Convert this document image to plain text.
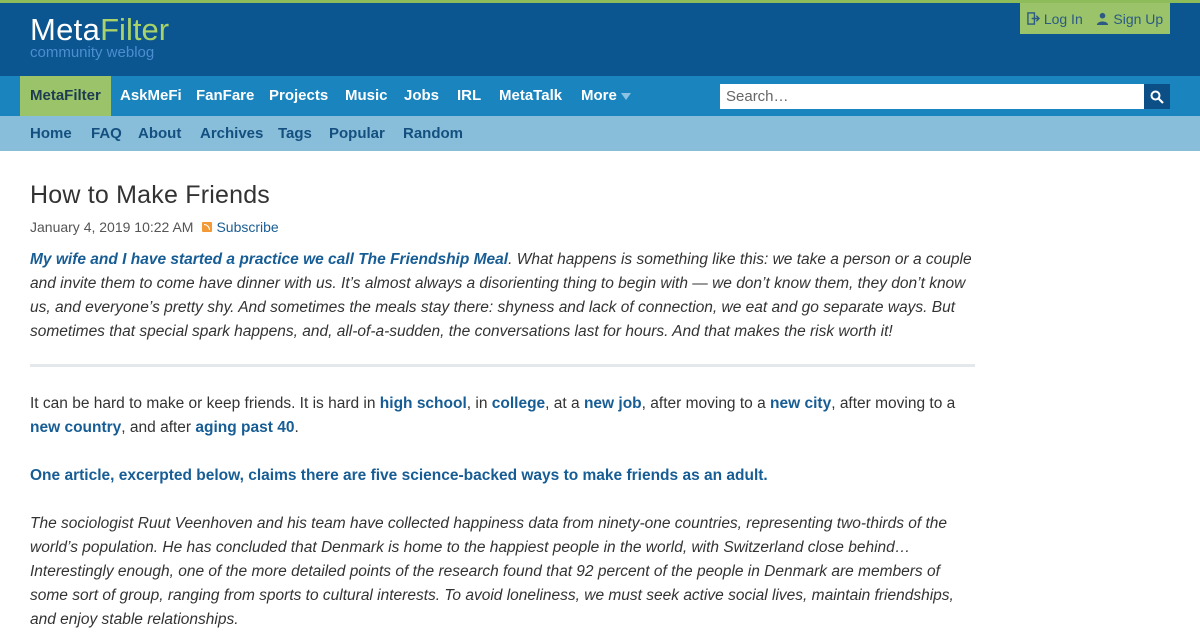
MetaFilter
community weblog
Log In Sign Up
MetaFilter	AskMeFi FanFare Projects Music Jobs IRL MetaTalk More
Search…
Home FAQ About Archives Tags Popular Random
How to Make Friends
January 4, 2019 10:22 AM Subscribe
My wife and I have started a practice we call The Friendship Meal. What happens is something like this: we take a person or a couple and invite them to come have dinner with us. It’s almost always a disorienting thing to begin with — we don’t know them, they don’t know us, and everyone’s pretty shy. And sometimes the meals stay there: shyness and lack of connection, we eat and go separate ways. But sometimes that special spark happens, and, all-of-a-sudden, the conversations last for hours. And that makes the risk worth it!
It can be hard to make or keep friends. It is hard in high school, in college, at a new job, after moving to a new city, after moving to a new country, and after aging past 40.
One article, excerpted below, claims there are five science-backed ways to make friends as an adult.
The sociologist Ruut Veenhoven and his team have collected happiness data from ninety-one countries, representing two-thirds of the world’s population. He has concluded that Denmark is home to the happiest people in the world, with Switzerland close behind… Interestingly enough, one of the more detailed points of the research found that 92 percent of the people in Denmark are members of some sort of group, ranging from sports to cultural interests. To avoid loneliness, we must seek active social lives, maintain friendships, and enjoy stable relationships.
